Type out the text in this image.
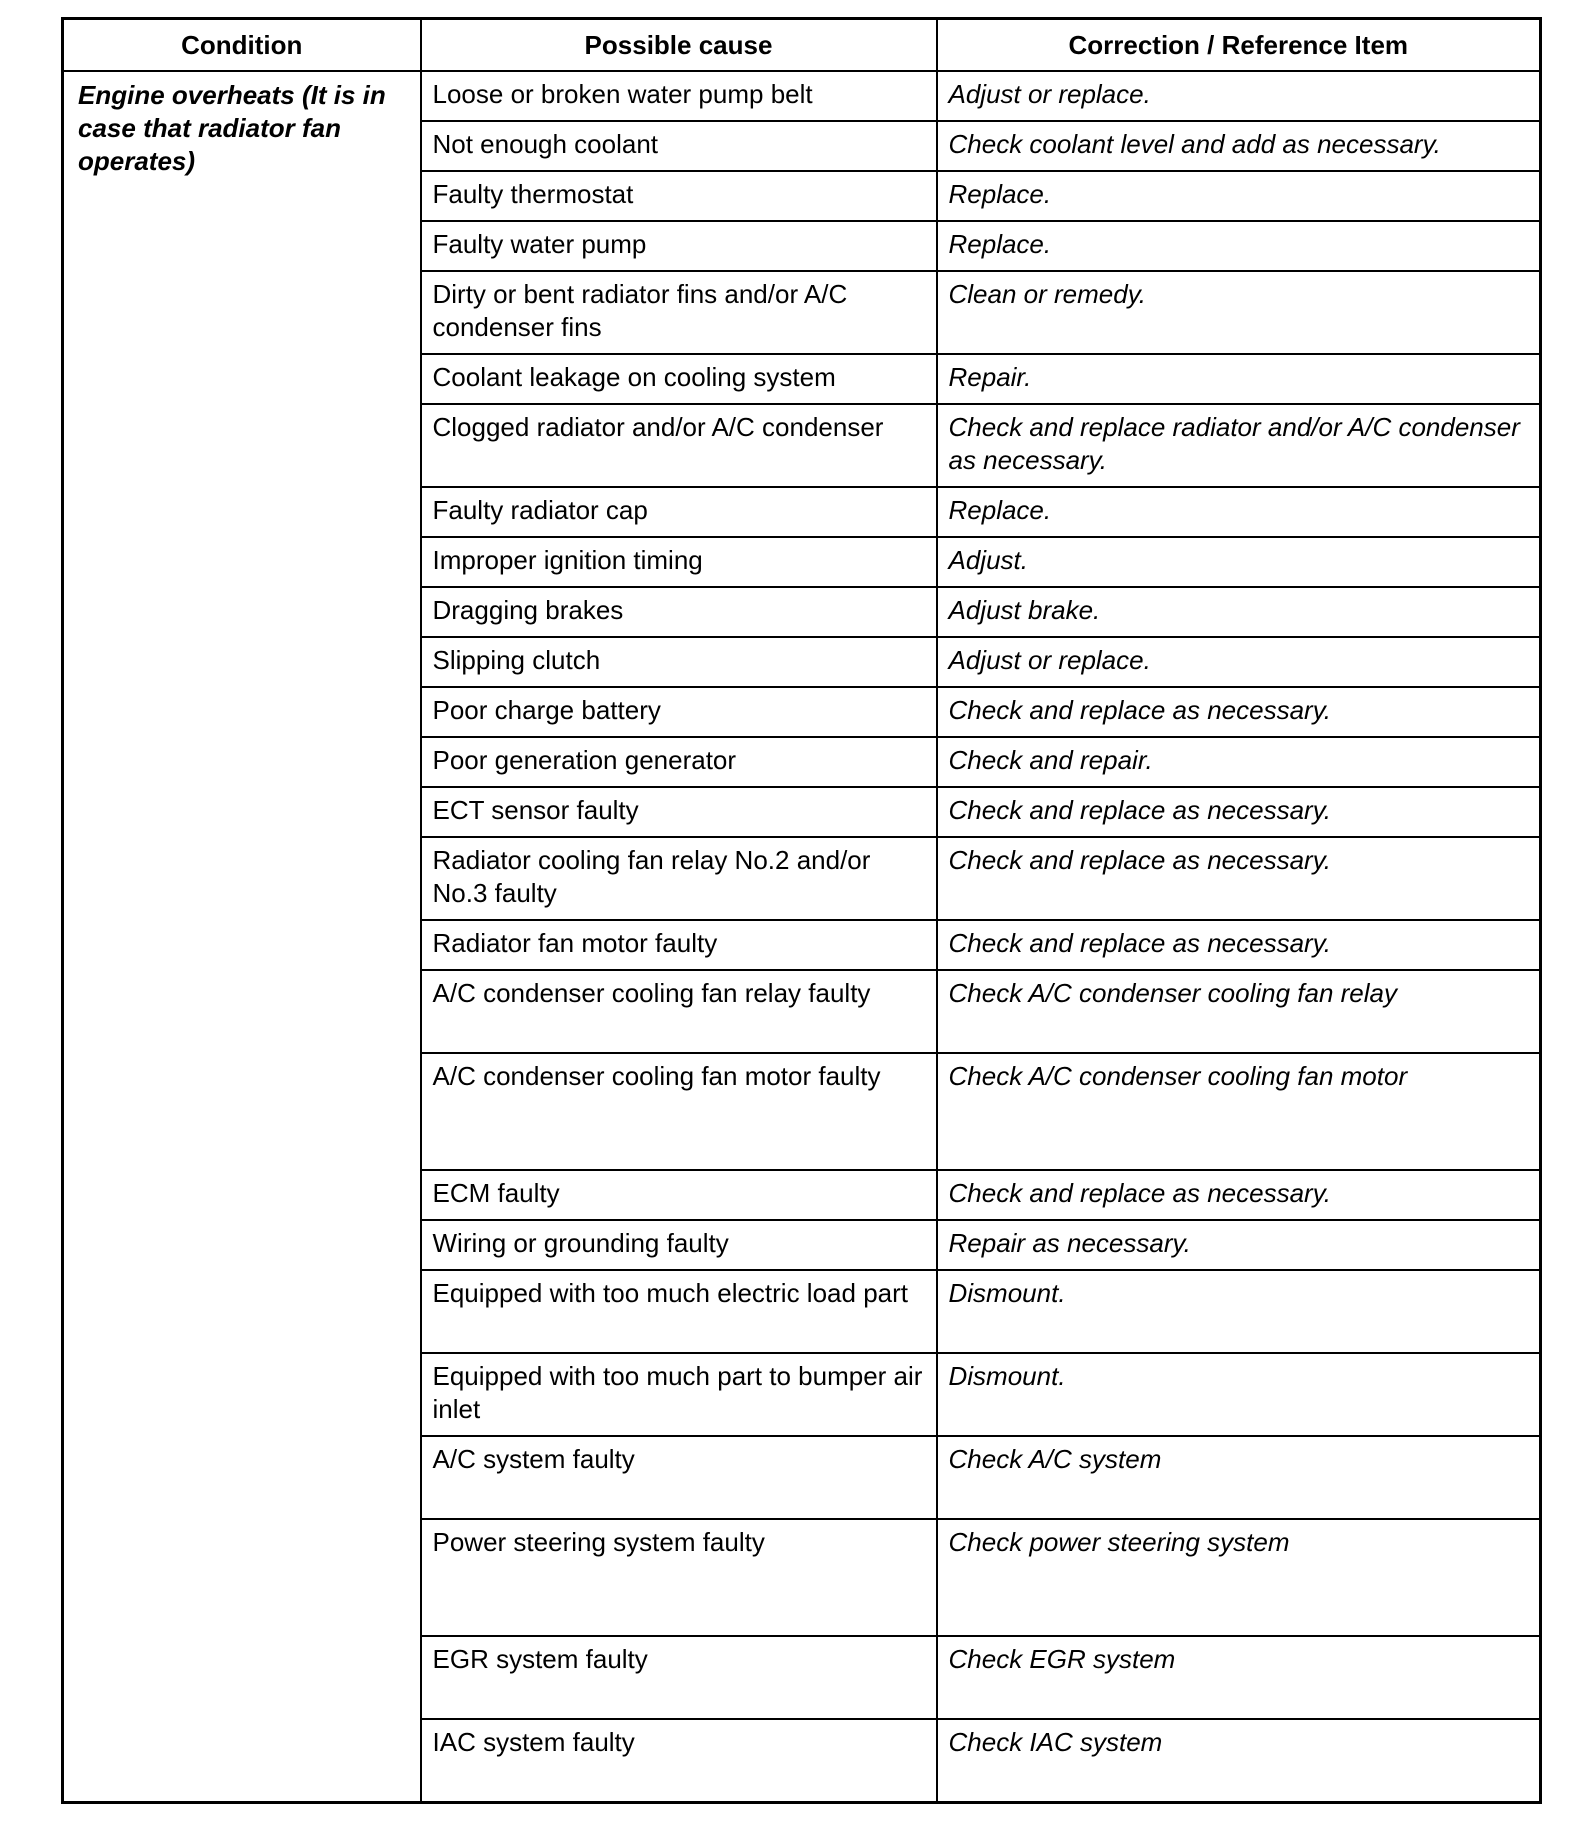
Condition	Possible cause	Correction / Reference Item
Engine overheats (It is in case that radiator fan operates)	Loose or broken water pump belt	Adjust or replace.
	Not enough coolant	Check coolant level and add as necessary.
	Faulty thermostat	Replace.
	Faulty water pump	Replace.
	Dirty or bent radiator fins and/or A/C condenser fins	Clean or remedy.
	Coolant leakage on cooling system	Repair.
	Clogged radiator and/or A/C condenser	Check and replace radiator and/or A/C condenser as necessary.
	Faulty radiator cap	Replace.
	Improper ignition timing	Adjust.
	Dragging brakes	Adjust brake.
	Slipping clutch	Adjust or replace.
	Poor charge battery	Check and replace as necessary.
	Poor generation generator	Check and repair.
	ECT sensor faulty	Check and replace as necessary.
	Radiator cooling fan relay No.2 and/or No.3 faulty	Check and replace as necessary.
	Radiator fan motor faulty	Check and replace as necessary.
	A/C condenser cooling fan relay faulty	Check A/C condenser cooling fan relay
	A/C condenser cooling fan motor faulty	Check A/C condenser cooling fan motor
	ECM faulty	Check and replace as necessary.
	Wiring or grounding faulty	Repair as necessary.
	Equipped with too much electric load part	Dismount.
	Equipped with too much part to bumper air inlet	Dismount.
	A/C system faulty	Check A/C system
	Power steering system faulty	Check power steering system
	EGR system faulty	Check EGR system
	IAC system faulty	Check IAC system
